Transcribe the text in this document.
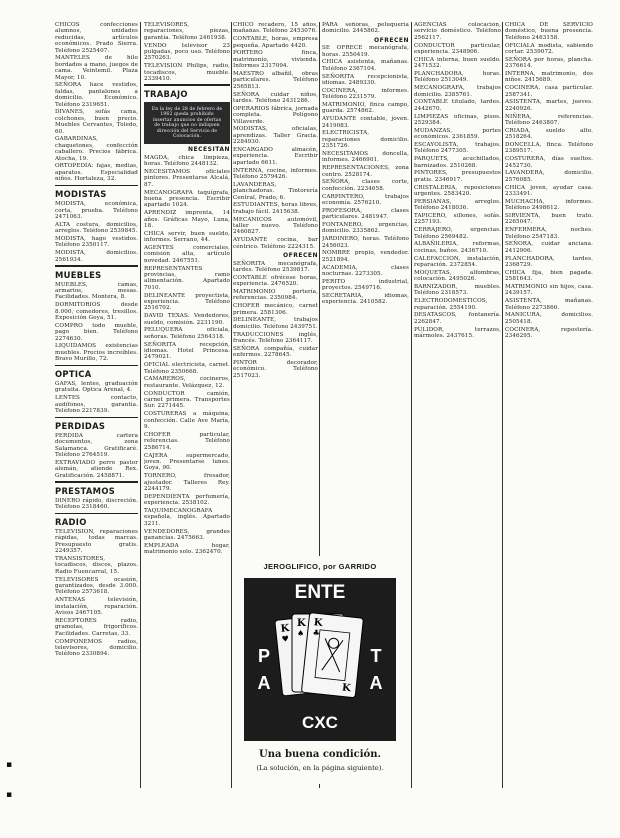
CHICOS confecciones alumnos, unidades reducidas, artículos económicos. Prado Sierra. Teléfono 2525407.
MANTELES de hilo bordados a mano, juegos de cama. Veintemil. Plaza Mayor, 10.
SEÑORA hace vestidos, faldas, pantalones a domicilio. Económico. Teléfono 2319651.
DIVANES, sofás cama, colchones, buen precio. Muebles Cervantes, Toledo, 60.
GABARDINAS, chaquetones, confección caballero. Precios fábrica. Atocha, 19.
ORTOPEDIA: fajas, medias, aparatos. Especialidad niños. Hortaleza, 32.
MODISTAS
MODISTA, económica, corta, prueba. Teléfono 2471063.
ALTA costura, domicilios, arreglos. Teléfono 2539845.
MODISTA, hago vestidos. Teléfono 2350117.
MODISTA, domicilios. 2561934.
MUEBLES
MUEBLES, camas, armarios, mesas. Facilidades. Montera, 8.
DORMITORIOS desde 8.000, comedores, tresillos. Exposición Goya, 51.
COMPRO todo mueble, pago bien. Teléfono 2274630.
LIQUIDAMOS existencias muebles. Precios increíbles. Bravo Murillo, 72.
OPTICA
GAFAS, lentes, graduación gratuita. Optica Arenal, 4.
LENTES contacto, audífonos, garantía. Teléfono 2217839.
PERDIDAS
PERDIDA cartera documentos, zona Salamanca. Gratificaré. Teléfono 2764519.
EXTRAVIADO perro pastor alemán, atiende Rex. Gratificación. 2458871.
PRESTAMOS
DINERO rápido, discreción. Teléfono 2318460.
RADIO
TELEVISION, reparaciones rápidas, todas marcas. Presupuesto gratis. 2249357.
TRANSISTORES, tocadiscos, discos, plazos. Radio Fuencarral, 15.
TELEVISORES ocasión, garantizados, desde 3.000. Teléfono 2573618.
ANTENAS televisión, instalación, reparación. Avisos 2467105.
RECEPTORES radio, gramolas, frigoríficos. Facilidades. Carretas, 33.
COMPONEMOS radios, televisores, domicilio. Teléfono 2330894.
TELEVISORES, reparaciones, piezas, garantía. Teléfono 2461938.
VENDO televisor 23 pulgadas, poco uso. Teléfono 2570263.
TELEVISION Philips, radio, tocadiscos, mueble. 2339410.
TRABAJO
En la ley de 28 de febrero de 1962 queda prohibido insertar anuncios de ofertas de trabajo que no indiquen dirección del Servicio de Colocación.
NECESITAN
MAGDA, chica limpieza, horas. Teléfono 2448132.
NECESITAMOS oficiales pintores. Presentarse Alcalá, 87.
MECANOGRAFA taquígrafa, buena presencia. Escribir apartado 1024.
APRENDIZ imprenta, 14 años. Gráficas Mayo, Luna, 18.
CHICA servir, buen sueldo, informes. Serrano, 44.
AGENTES comerciales, comisión alta, artículo novedad. 2467551.
REPRESENTANTES provincias, ramo alimentación. Apartado 7010.
DELINEANTE proyectista, experiencia. Teléfono 2516702.
DAVID TEXAS. Vendedores, sueldo, comisión. 2231190.
PELUQUERA oficiala, señoras. Teléfono 2564318.
SEÑORITA recepción, idiomas. Hotel Princesa. 2479021.
OFICIAL electricista, carnet. Teléfono 2350668.
CAMAREROS, cocineros, restaurante. Velázquez, 12.
CONDUCTOR camión, carnet primera. Transportes Sur. 2271445.
COSTURERAS a máquina, confección. Calle Ave María, 9.
CHOFER particular, referencias. Teléfono 2586714.
CAJERA supermercado, joven. Presentarse lunes. Goya, 90.
TORNERO, fresador, ajustador. Talleres Rey. 2244179.
DEPENDIENTA perfumería, experiencia. 2538102.
TAQUIMECANOGRAFA española, inglés. Apartado 3211.
VENDEDORES, grandes ganancias. 2475663.
EMPLEADA hogar, matrimonio solo. 2362470.
CHICO recadero, 15 años, mañanas. Teléfono 2453076.
CONTABLE, horas, empresa pequeña. Apartado 4420.
PORTERO finca, matrimonio, vivienda. Informes 2317094.
MAESTRO albañil, obras particulares. Teléfono 2565813.
SEÑORA cuidar niños, tardes. Teléfono 2431286.
OPERARIOS fábrica, jornada completa. Polígono Villaverde.
MODISTAS, oficialas, aprendizas. Taller Gracia. 2284930.
ENCARGADO almacén, experiencia. Escribir apartado 6611.
INTERNA, cocine, informes. Teléfono 2579426.
LAVANDERAS, planchadoras. Tintorería Central, Prado, 6.
ESTUDIANTES, horas libres, trabajo fácil. 2415638.
MECANICOS automóvil, taller nuevo. Teléfono 2460827.
AYUDANTE cocina, bar céntrico. Teléfono 2224315.
OFRECEN
SEÑORITA mecanógrafa, tardes. Teléfono 2539817.
CONTABLE ofrécese horas, experiencia. 2476520.
MATRIMONIO portería, referencias. 2350984.
CHOFER mecánico, carnet primera. 2581306.
DELINEANTE, trabajos domicilio. Teléfono 2439751.
TRADUCCIONES inglés, francés. Teléfono 2364117.
SEÑORA compañía, cuidar enfermos. 2278645.
PINTOR decorador, económico. Teléfono 2517023.
PARA señoras, peluquería domicilio. 2445862.
OFRECEN
SE OFRECE mecanógrafa, horas. 2550419.
CHICA asistenta, mañanas. Teléfono 2367104.
SEÑORITA recepcionista, idiomas. 2489330.
COCINERA, informes. Teléfono 2231579.
MATRIMONIO, finca campo, guarda. 2574862.
AYUDANTE contable, joven. 2419083.
ELECTRICISTA, reparaciones domicilio. 2351726.
NECESITAMOS doncella, informes. 2466901.
REPRESENTACIONES, zona centro. 2528174.
SEÑORA, clases corte, confección. 2234658.
CARPINTERO, trabajos economía. 2576210.
PROFESORA, clases particulares. 2481947.
FONTANERO, urgencias, domicilio. 2335862.
JARDINERO, horas. Teléfono 2456023.
NOMBRE propio, vendedor. 2521894.
ACADEMIA, clases nocturnas. 2273305.
PERITO industrial, proyectos. 2549716.
SECRETARIA, idiomas, experiencia. 2410582.
AGENCIAS colocación, servicio doméstico. Teléfono 2562117.
CONDUCTOR particular, experiencia. 2348906.
CHICA interna, buen sueldo. 2471532.
PLANCHADORA, horas. Teléfono 2513049.
MECANOGRAFA, trabajos domicilio. 2385761.
CONTABLE titulado, tardes. 2442670.
LIMPIEZAS oficinas, pisos. 2529384.
MUDANZAS, portes económicos. 2361859.
ESCAYOLISTA, trabajos. Teléfono 2477305.
PARQUETS, acuchillados, barnizados. 2510268.
PINTORES, presupuestos gratis. 2346917.
CRISTALERIA, reposiciones urgentes. 2583420.
PERSIANAS, arreglos. Teléfono 2418036.
TAPICERO, sillones, sofás. 2257193.
CERRAJERO, urgencias. Teléfono 2569482.
ALBAÑILERIA, reformas, cocinas, baños. 2436710.
CALEFACCION, instalación, reparación. 2372854.
MOQUETAS, alfombras, colocación. 2495026.
BARNIZADOR, muebles. Teléfono 2318573.
ELECTRODOMESTICOS, reparación. 2554190.
DESATASCOS, fontanería. 2262847.
PULIDOR, terrazos, mármoles. 2437615.
CHICA DE SERVICIO doméstico, buena presencia. Teléfono 2463158.
OFICIALA modista, sabiendo cortar. 2539072.
SEÑORA por horas, plancha. 2376614.
INTERNA, matrimonio, dos niños. 2415689.
COCINERA, casa particular. 2587341.
ASISTENTA, martes, jueves. 2240926.
NIÑERA, referencias. Teléfono 2463807.
CRIADA, sueldo alto. 2518264.
DONCELLA, finca. Teléfono 2389517.
COSTURERA, días sueltos. 2452730.
LAVANDERA, domicilio. 2576085.
CHICA joven, ayudar casa. 2333491.
MUCHACHA, informes. Teléfono 2498612.
SIRVIENTA, buen trato. 2265047.
ENFERMERA, noches. Teléfono 2547183.
SEÑORA, cuidar anciana. 2412906.
PLANCHADORA, tardes. 2368729.
CHICA fija, bien pagada. 2581643.
MATRIMONIO sin hijos, casa. 2439157.
ASISTENTA, mañanas. Teléfono 2273860.
MANICURA, domicilios. 2505418.
COCINERA, repostería. 2346295.
JEROGLIFICO, por GARRIDO
ENTE
P
A
T
A
K
♥
K
♠
K
♣
K
CXC
Una buena condición.
(La solución, en la página siguiente).
▪
▪
